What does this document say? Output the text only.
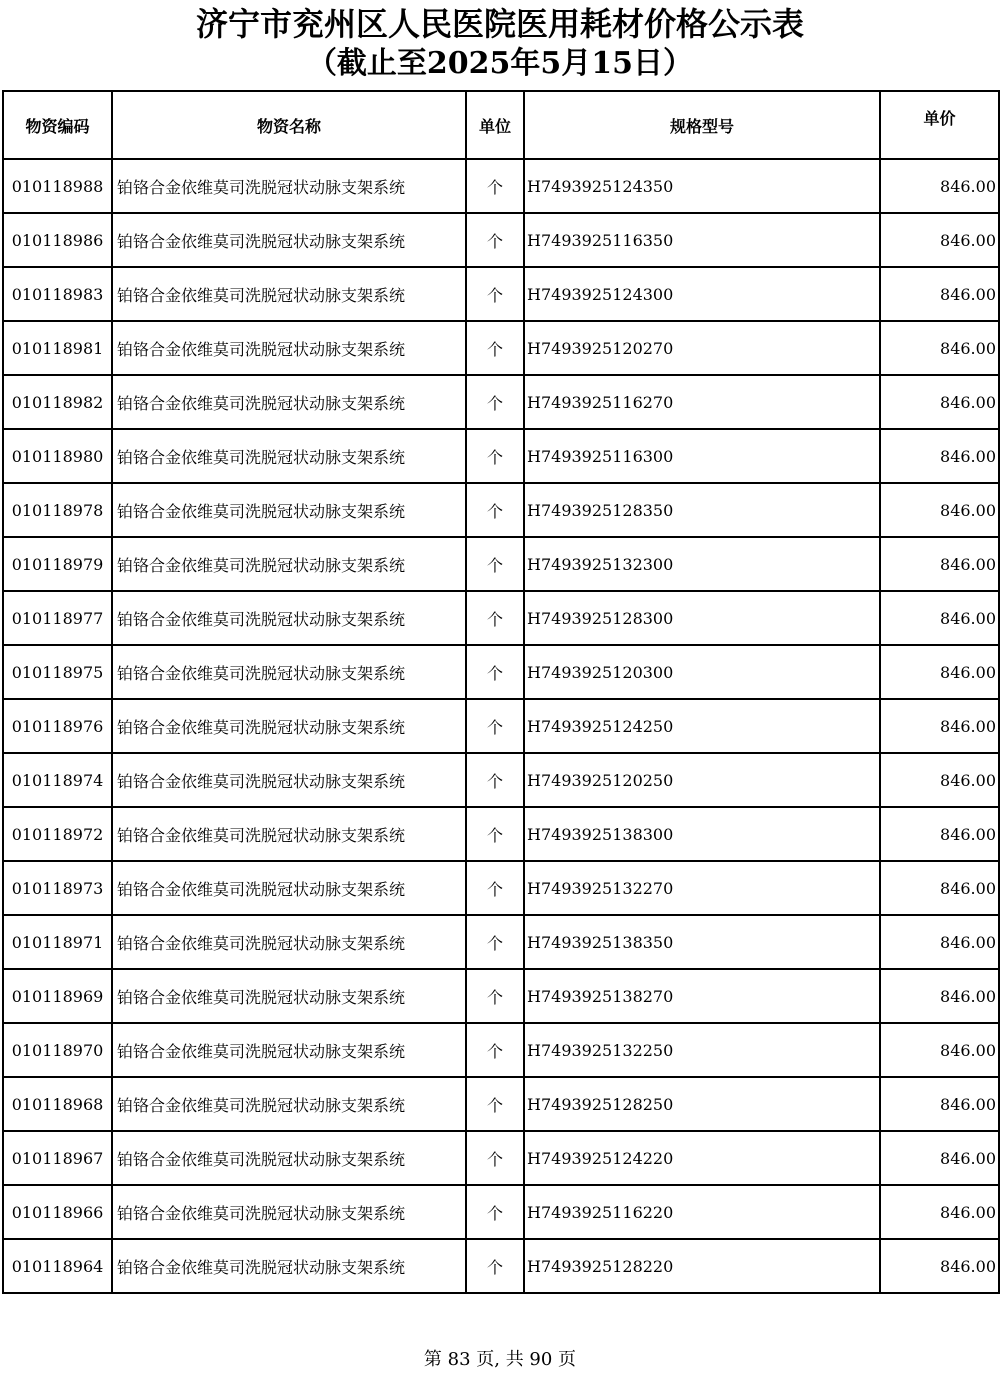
济宁市兖州区人民医院医用耗材价格公示表
（截止至2025年5月15日）
物资编码	物资名称	单位	规格型号	单价
010118988	铂铬合金依维莫司洗脱冠状动脉支架系统	个	H7493925124350	846.00
010118986	铂铬合金依维莫司洗脱冠状动脉支架系统	个	H7493925116350	846.00
010118983	铂铬合金依维莫司洗脱冠状动脉支架系统	个	H7493925124300	846.00
010118981	铂铬合金依维莫司洗脱冠状动脉支架系统	个	H7493925120270	846.00
010118982	铂铬合金依维莫司洗脱冠状动脉支架系统	个	H7493925116270	846.00
010118980	铂铬合金依维莫司洗脱冠状动脉支架系统	个	H7493925116300	846.00
010118978	铂铬合金依维莫司洗脱冠状动脉支架系统	个	H7493925128350	846.00
010118979	铂铬合金依维莫司洗脱冠状动脉支架系统	个	H7493925132300	846.00
010118977	铂铬合金依维莫司洗脱冠状动脉支架系统	个	H7493925128300	846.00
010118975	铂铬合金依维莫司洗脱冠状动脉支架系统	个	H7493925120300	846.00
010118976	铂铬合金依维莫司洗脱冠状动脉支架系统	个	H7493925124250	846.00
010118974	铂铬合金依维莫司洗脱冠状动脉支架系统	个	H7493925120250	846.00
010118972	铂铬合金依维莫司洗脱冠状动脉支架系统	个	H7493925138300	846.00
010118973	铂铬合金依维莫司洗脱冠状动脉支架系统	个	H7493925132270	846.00
010118971	铂铬合金依维莫司洗脱冠状动脉支架系统	个	H7493925138350	846.00
010118969	铂铬合金依维莫司洗脱冠状动脉支架系统	个	H7493925138270	846.00
010118970	铂铬合金依维莫司洗脱冠状动脉支架系统	个	H7493925132250	846.00
010118968	铂铬合金依维莫司洗脱冠状动脉支架系统	个	H7493925128250	846.00
010118967	铂铬合金依维莫司洗脱冠状动脉支架系统	个	H7493925124220	846.00
010118966	铂铬合金依维莫司洗脱冠状动脉支架系统	个	H7493925116220	846.00
010118964	铂铬合金依维莫司洗脱冠状动脉支架系统	个	H7493925128220	846.00
第 83 页, 共 90 页
